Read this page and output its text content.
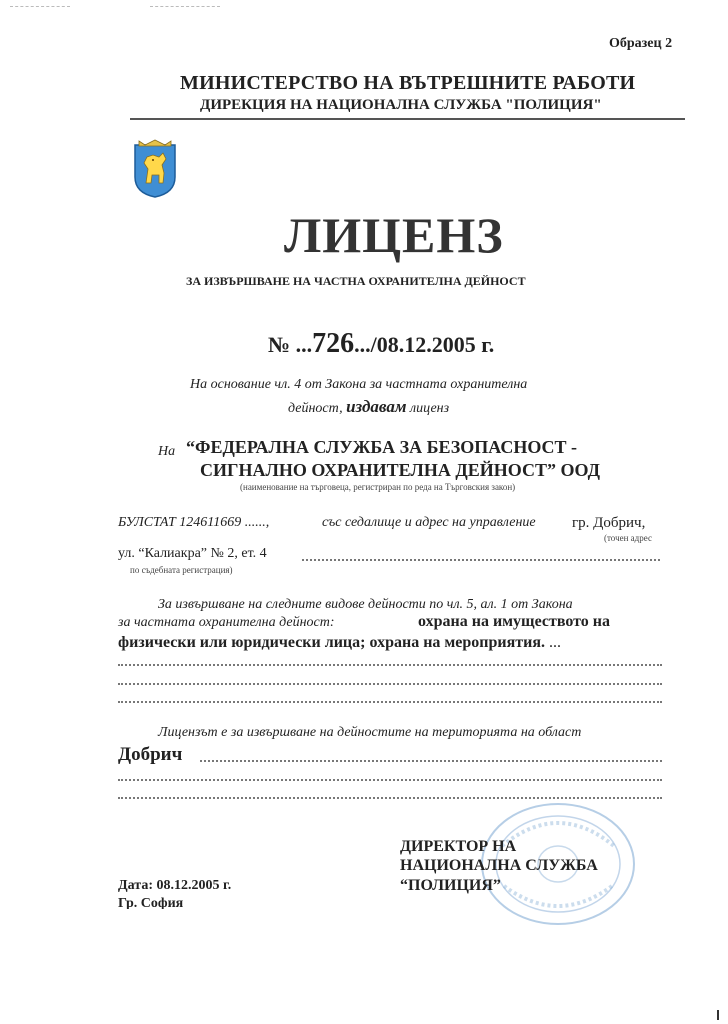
Образец 2
МИНИСТЕРСТВО НА ВЪТРЕШНИТЕ РАБОТИ
ДИРЕКЦИЯ НА НАЦИОНАЛНА СЛУЖБА "ПОЛИЦИЯ"
ЛИЦЕНЗ
ЗА ИЗВЪРШВАНЕ НА ЧАСТНА ОХРАНИТЕЛНА ДЕЙНОСТ
№ ...726.../08.12.2005 г.
На основание чл. 4 от Закона за частната охранителна
дейност, издавам лиценз
На “ФЕДЕРАЛНА СЛУЖБА ЗА БЕЗОПАСНОСТ -
СИГНАЛНО ОХРАНИТЕЛНА ДЕЙНОСТ” ООД
(наименование на търговеца, регистриран по реда на Търговския закон)
БУЛСТАТ 124611669 ......,	със седалище и адрес на управление гр. Добрич,
(точен адрес
ул. “Калиакра” № 2, ет. 4
по съдебната регистрация)
За извършване на следните видове дейности по чл. 5, ал. 1 от Закона
за частната охранителна дейност:	охрана на имуществото на
физически или юридически лица; охрана на мероприятия. ...
Лицензът е за извършване на дейностите на територията на област
Добрич
ДИРЕКТОР НА
НАЦИОНАЛНА СЛУЖБА
“ПОЛИЦИЯ”
Дата: 08.12.2005 г.
Гр. София
